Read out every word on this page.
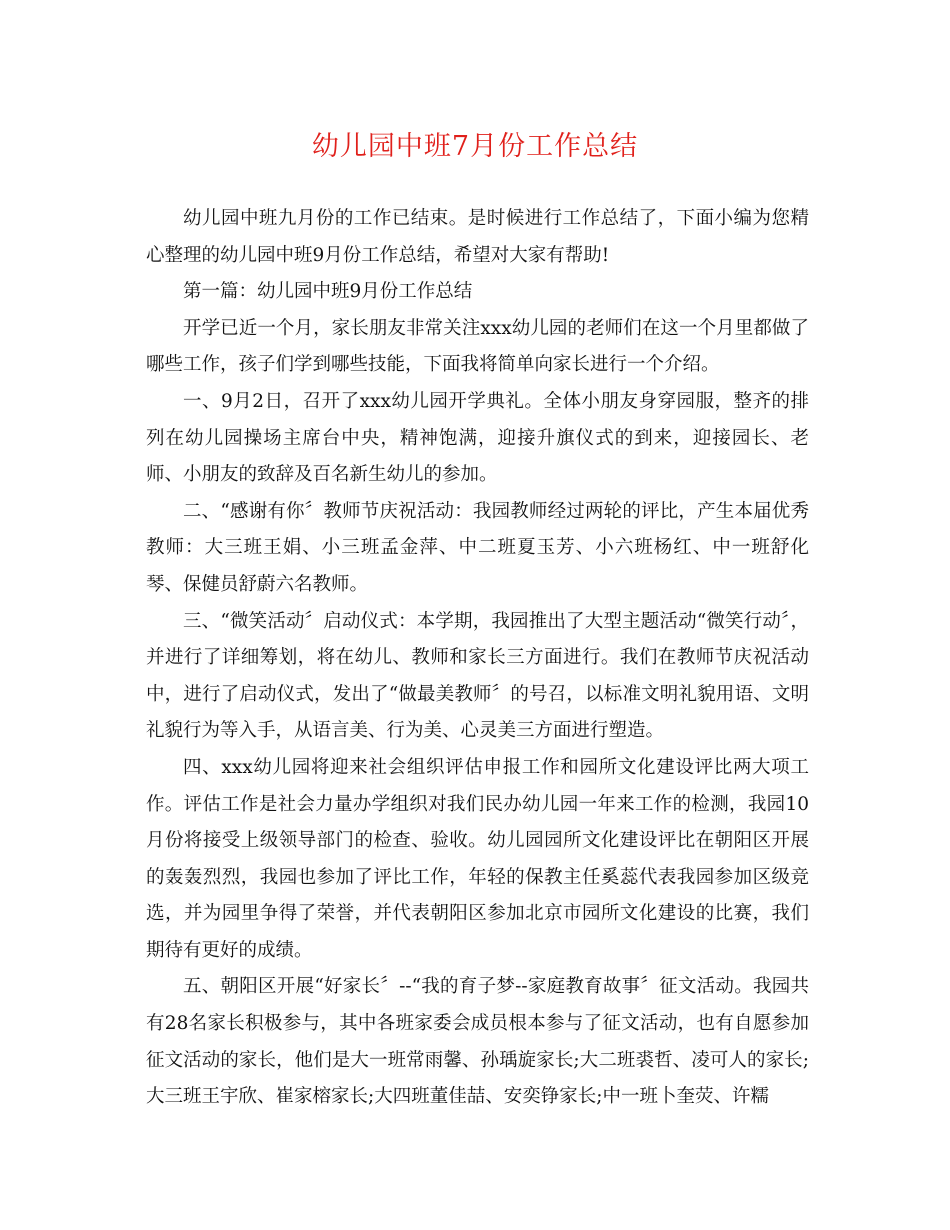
幼儿园中班7月份工作总结

幼儿园中班九月份的工作已结束。是时候进行工作总结了，下面小编为您精心整理的幼儿园中班9月份工作总结，希望对大家有帮助!

第一篇：幼儿园中班9月份工作总结

开学已近一个月，家长朋友非常关注xxx幼儿园的老师们在这一个月里都做了哪些工作，孩子们学到哪些技能，下面我将简单向家长进行一个介绍。

一、9月2日，召开了xxx幼儿园开学典礼。全体小朋友身穿园服，整齐的排列在幼儿园操场主席台中央，精神饱满，迎接升旗仪式的到来，迎接园长、老师、小朋友的致辞及百名新生幼儿的参加。

二、“感谢有你〞教师节庆祝活动：我园教师经过两轮的评比，产生本届优秀教师：大三班王娟、小三班孟金萍、中二班夏玉芳、小六班杨红、中一班舒化琴、保健员舒蔚六名教师。

三、“微笑活动〞启动仪式：本学期，我园推出了大型主题活动“微笑行动〞，并进行了详细筹划，将在幼儿、教师和家长三方面进行。我们在教师节庆祝活动中，进行了启动仪式，发出了“做最美教师〞的号召，以标准文明礼貌用语、文明礼貌行为等入手，从语言美、行为美、心灵美三方面进行塑造。

四、xxx幼儿园将迎来社会组织评估申报工作和园所文化建设评比两大项工作。评估工作是社会力量办学组织对我们民办幼儿园一年来工作的检测，我园10月份将接受上级领导部门的检查、验收。幼儿园园所文化建设评比在朝阳区开展的轰轰烈烈，我园也参加了评比工作，年轻的保教主任奚蕊代表我园参加区级竞选，并为园里争得了荣誉，并代表朝阳区参加北京市园所文化建设的比赛，我们期待有更好的成绩。

五、朝阳区开展“好家长〞--“我的育子梦--家庭教育故事〞征文活动。我园共有28名家长积极参与，其中各班家委会成员根本参与了征文活动，也有自愿参加征文活动的家长，他们是大一班常雨馨、孙瑀旋家长;大二班裘哲、凌可人的家长;大三班王宇欣、崔家榕家长;大四班董佳喆、安奕铮家长;中一班卜奎荧、许糯
